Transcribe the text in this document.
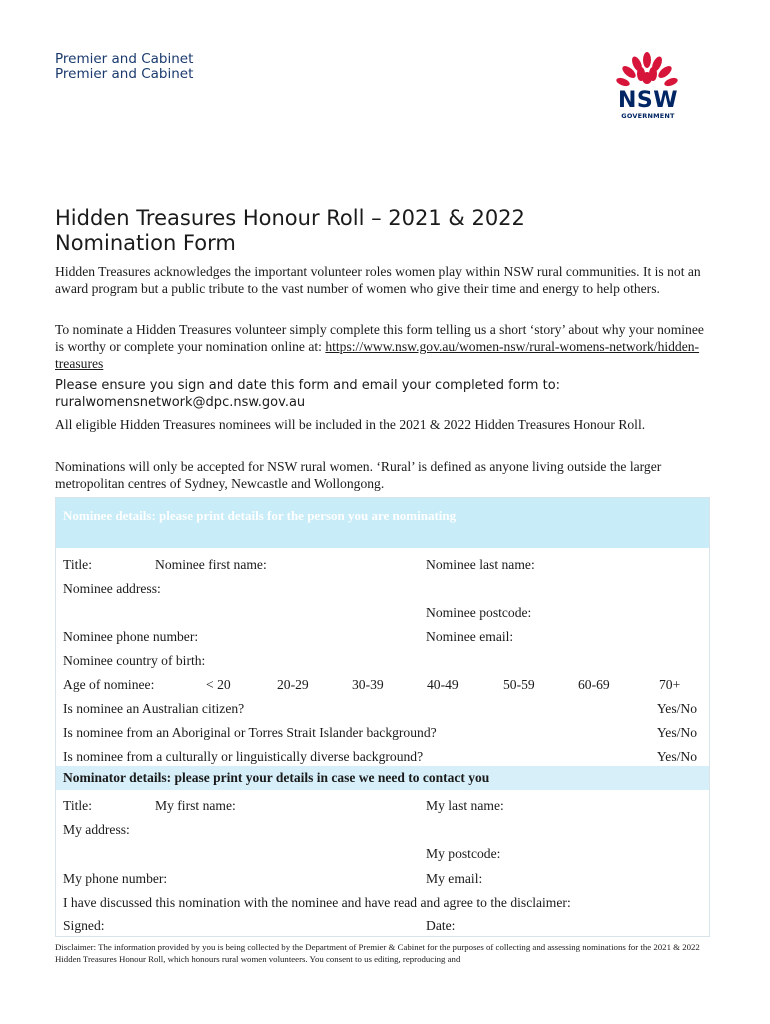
Premier and Cabinet
Premier and Cabinet
NSW
GOVERNMENT
Hidden Treasures Honour Roll – 2021 & 2022
Nomination Form
Hidden Treasures acknowledges the important volunteer roles women play within NSW rural communities. It is not an award program but a public tribute to the vast number of women who give their time and energy to help others.
To nominate a Hidden Treasures volunteer simply complete this form telling us a short ‘story’ about why your nominee is worthy or complete your nomination online at: https://www.nsw.gov.au/women-nsw/rural-womens-network/hidden-treasures
Please ensure you sign and date this form and email your completed form to:
ruralwomensnetwork@dpc.nsw.gov.au
All eligible Hidden Treasures nominees will be included in the 2021 & 2022 Hidden Treasures Honour Roll.
Nominations will only be accepted for NSW rural women. ‘Rural’ is defined as anyone living outside the larger metropolitan centres of Sydney, Newcastle and Wollongong.
Nominee details: please print details for the person you are nominating
Title:	Nominee first name:	Nominee last name:
Nominee address:
Nominee postcode:
Nominee phone number:	Nominee email:
Nominee country of birth:
Age of nominee:	< 20	20-29	30-39	40-49	50-59	60-69	70+
Is nominee an Australian citizen?	Yes/No
Is nominee from an Aboriginal or Torres Strait Islander background?	Yes/No
Is nominee from a culturally or linguistically diverse background?	Yes/No
Nominator details: please print your details in case we need to contact you
Title:	My first name:	My last name:
My address:
My postcode:
My phone number:	My email:
I have discussed this nomination with the nominee and have read and agree to the disclaimer:
Signed:	Date:
Disclaimer: The information provided by you is being collected by the Department of Premier & Cabinet for the purposes of collecting and assessing nominations for the 2021 & 2022 Hidden Treasures Honour Roll, which honours rural women volunteers. You consent to us editing, reproducing and
